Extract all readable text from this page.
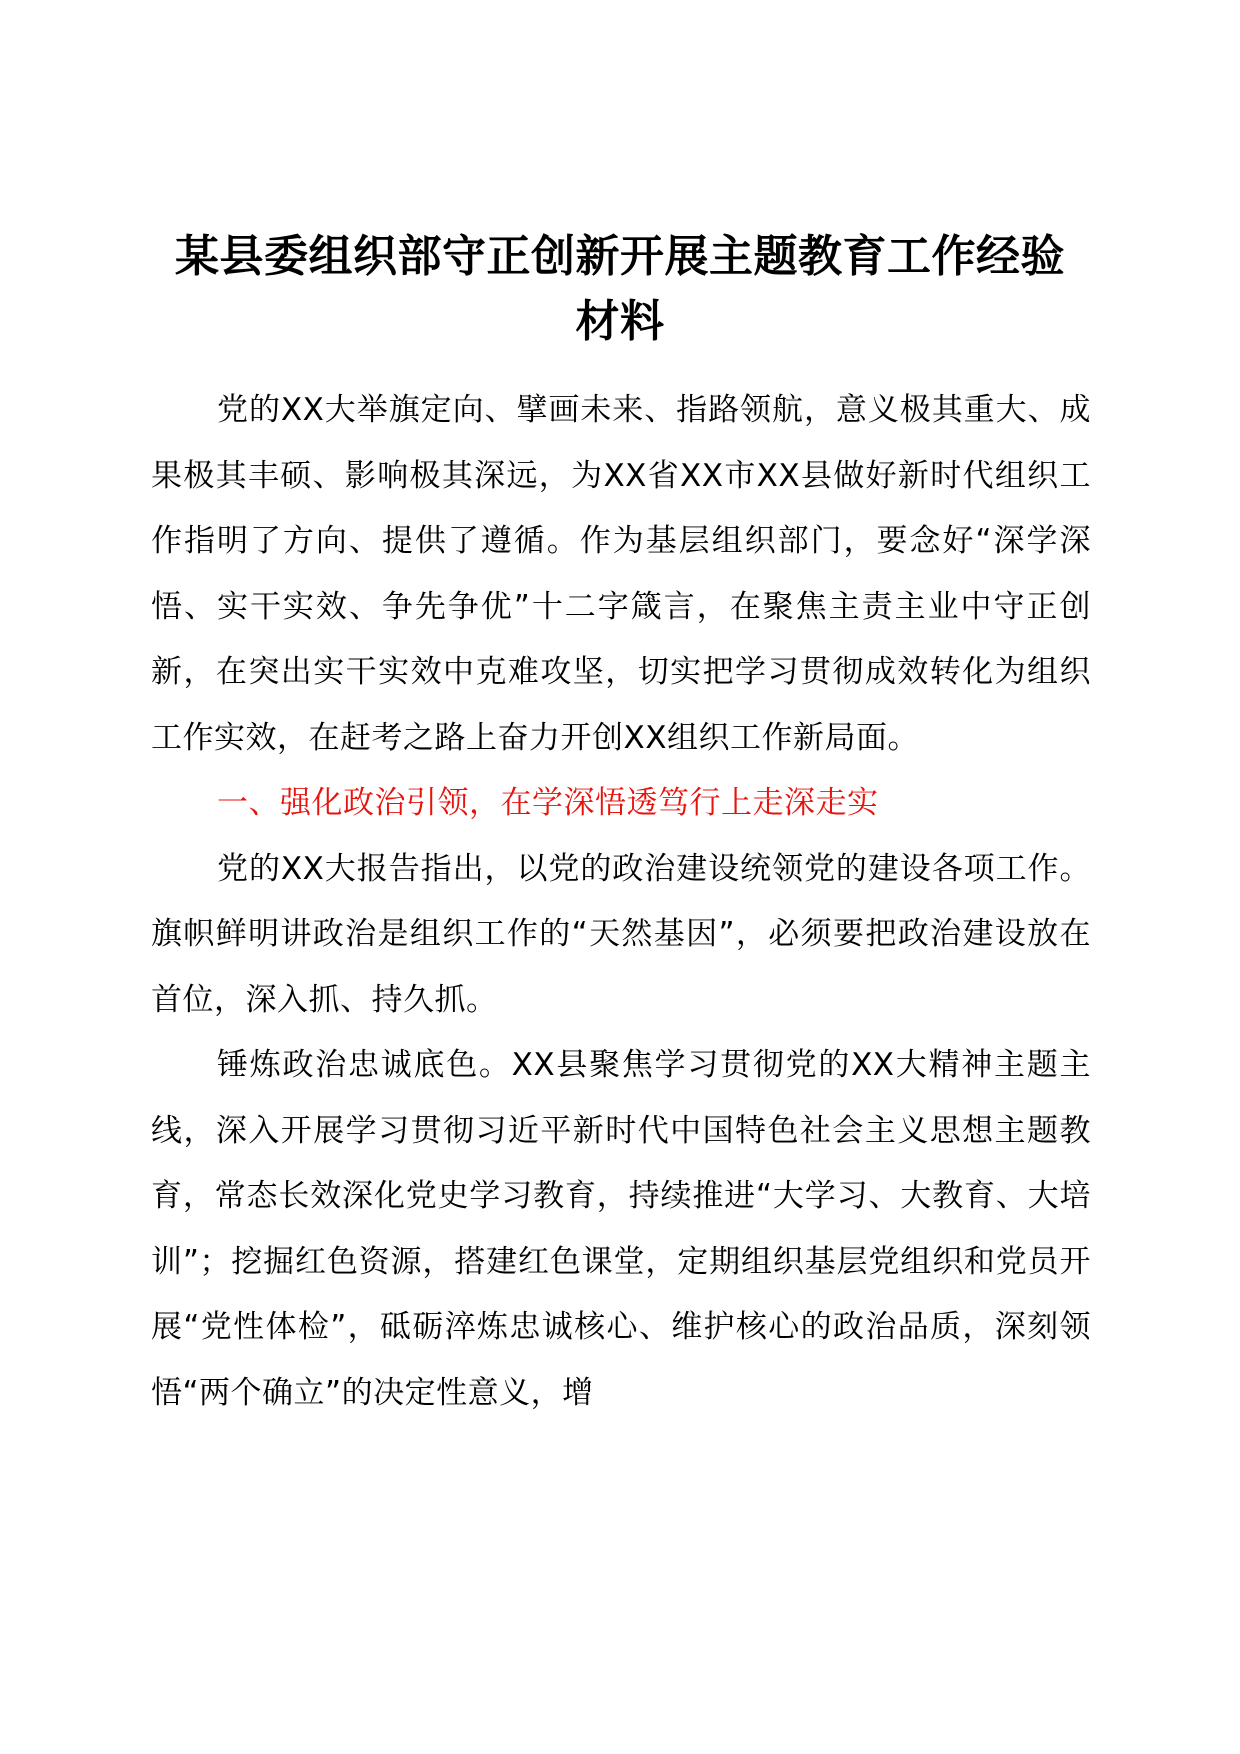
某县委组织部守正创新开展主题教育工作经验
材料

党的XX大举旗定向、擘画未来、指路领航，意义极其重大、成果极其丰硕、影响极其深远，为XX省XX市XX县做好新时代组织工作指明了方向、提供了遵循。作为基层组织部门，要念好“深学深悟、实干实效、争先争优”十二字箴言，在聚焦主责主业中守正创新，在突出实干实效中克难攻坚，切实把学习贯彻成效转化为组织工作实效，在赶考之路上奋力开创XX组织工作新局面。

一、强化政治引领，在学深悟透笃行上走深走实

党的XX大报告指出，以党的政治建设统领党的建设各项工作。旗帜鲜明讲政治是组织工作的“天然基因”，必须要把政治建设放在首位，深入抓、持久抓。

锤炼政治忠诚底色。XX县聚焦学习贯彻党的XX大精神主题主线，深入开展学习贯彻习近平新时代中国特色社会主义思想主题教育，常态长效深化党史学习教育，持续推进“大学习、大教育、大培训”；挖掘红色资源，搭建红色课堂，定期组织基层党组织和党员开展“党性体检”，砥砺淬炼忠诚核心、维护核心的政治品质，深刻领悟“两个确立”的决定性意义，增
